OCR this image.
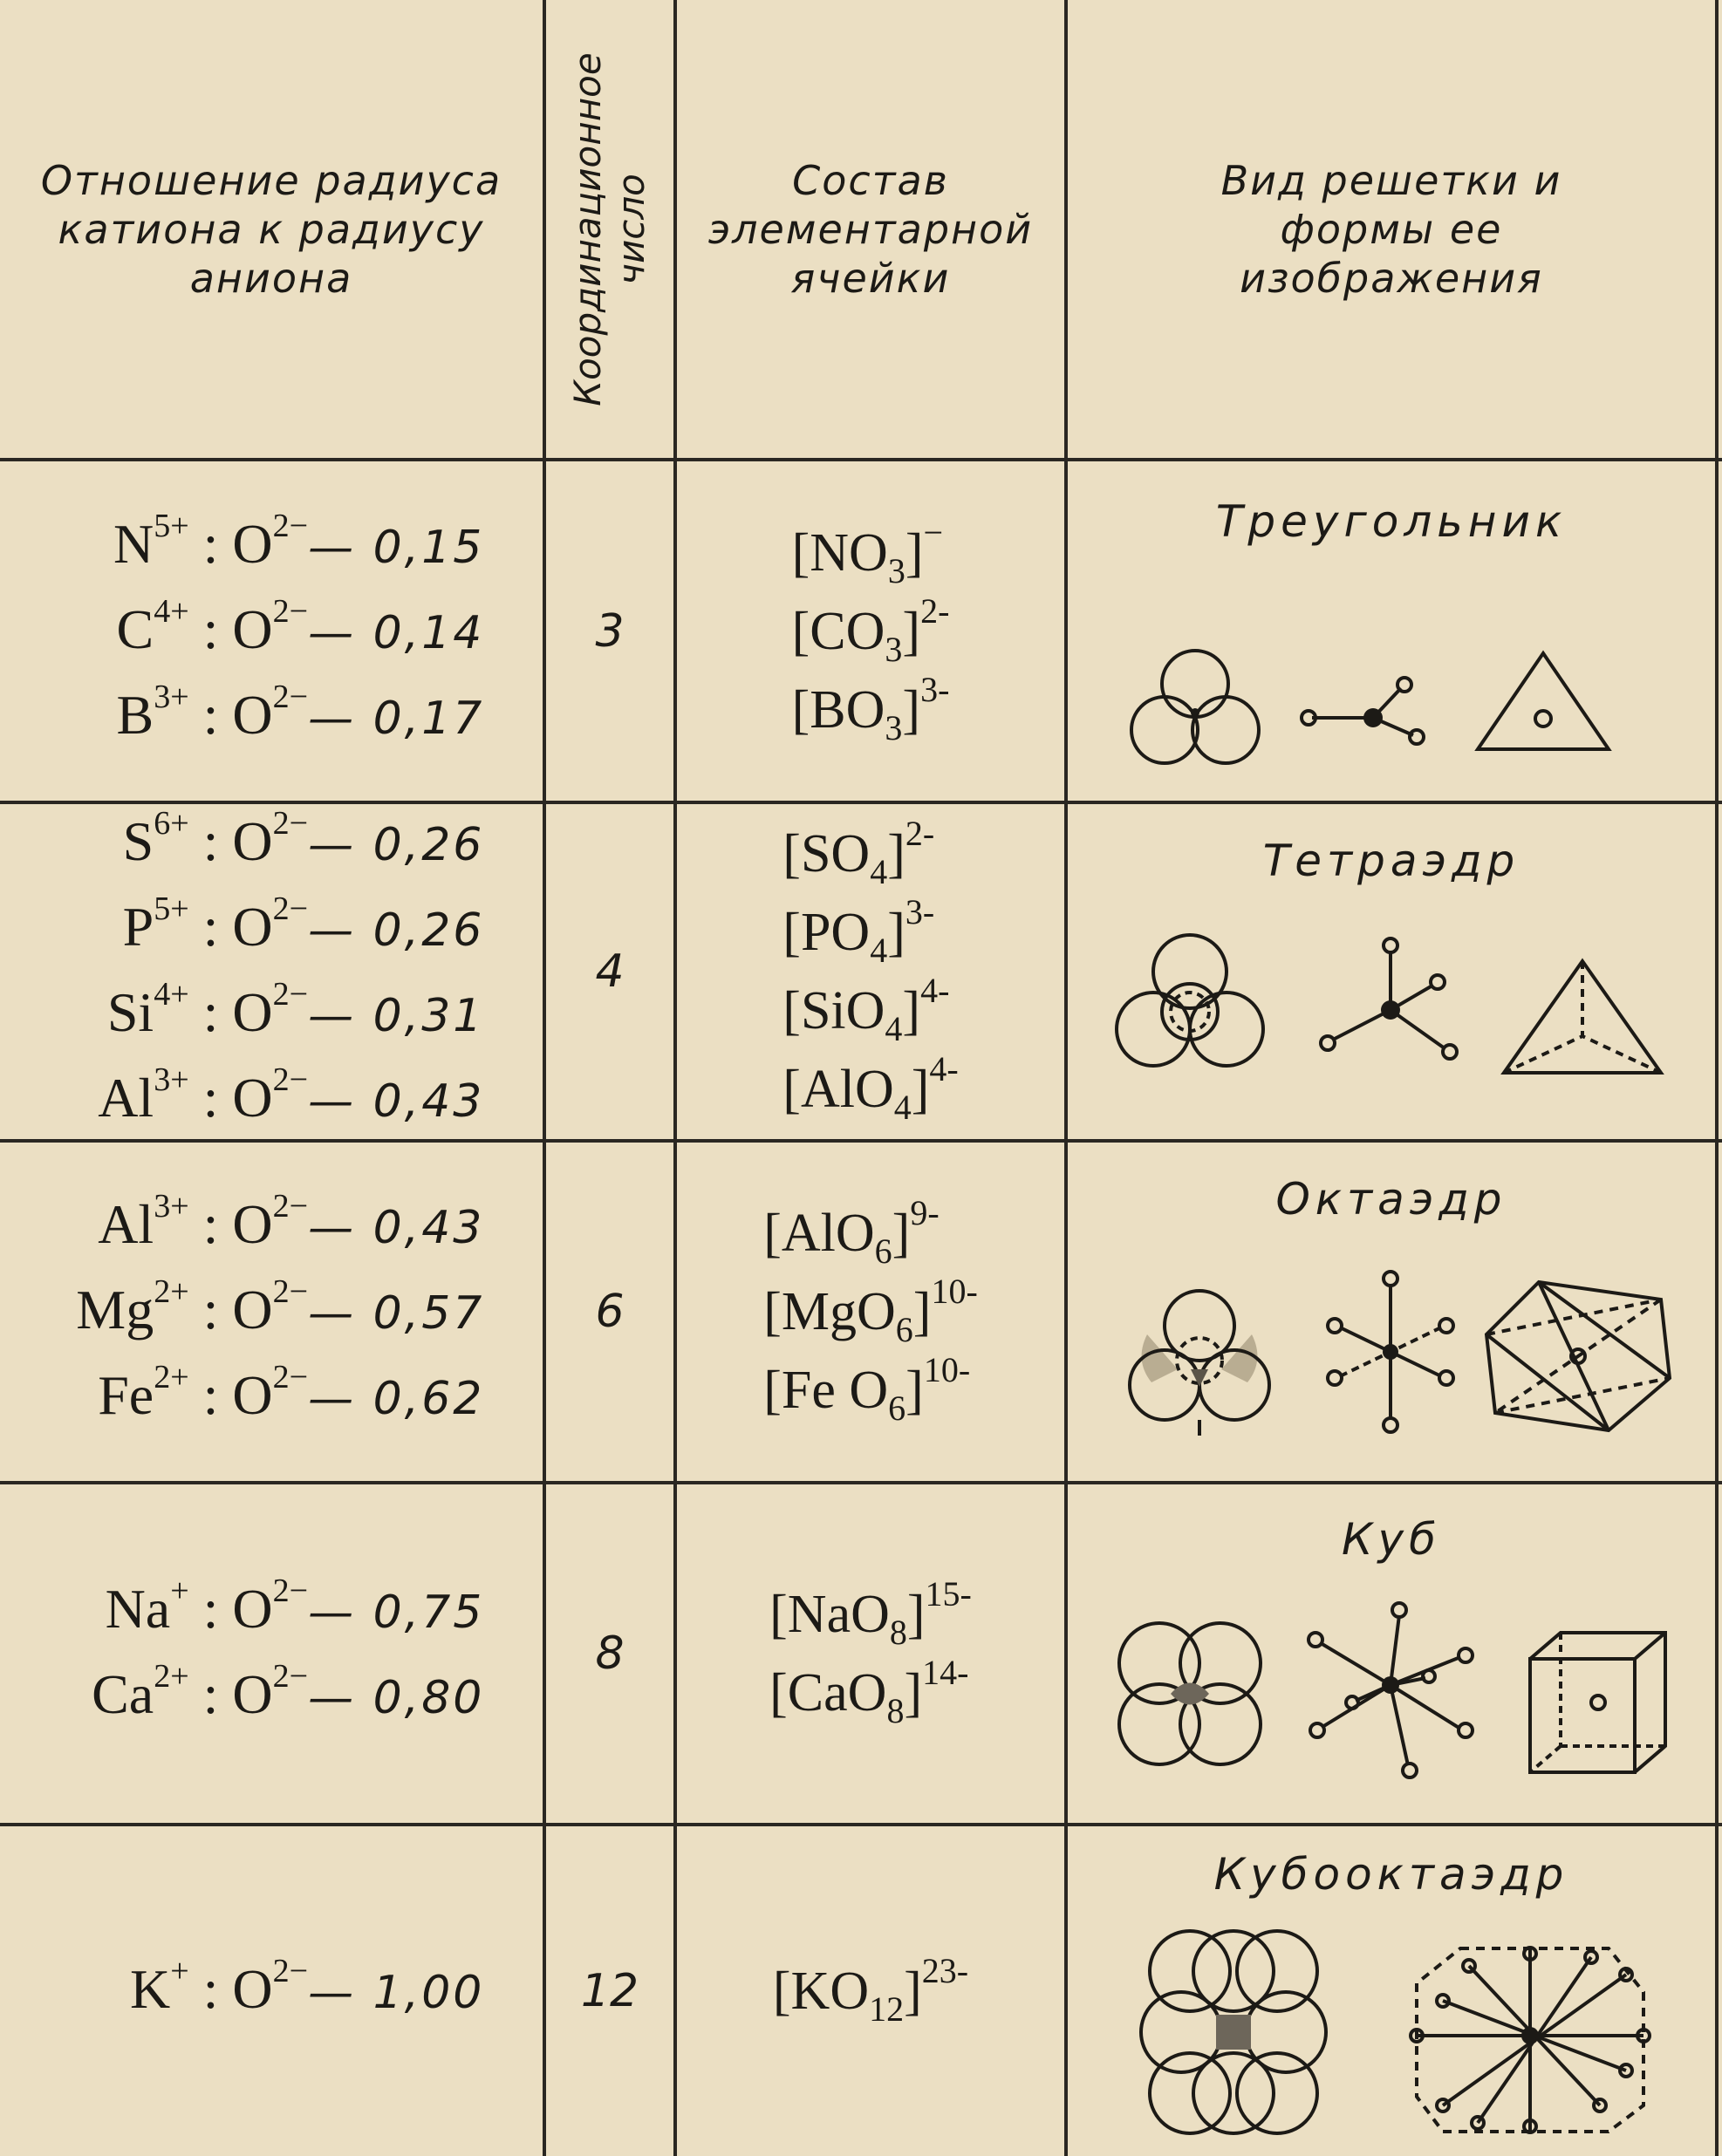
Отношение радиуса катиона к радиусу аниона	Координационное число	Состав элементарной ячейки
Вид решетки и формы ее изображения
$N^{5+}$ : $O^{2-}—$ 0,15
$C^{4+}$ : $O^{2-}—$ 0,14
$B^{3+}$ : $O^{2-}—$ 0,17
3
$[NO_3]^-$
$[CO_3]^{2-}$
$[BO_3]^{3-}$
Треугольник
$S^{6+}$ : $O^{2-}—$ 0,26
$P^{5+}$ : $O^{2-}—$ 0,26
$Si^{4+}$ : $O^{2-}—$ 0,31
$Al^{3+}$ : $O^{2-}—$ 0,43
4
$[SO_4]^{2-}$
$[PO_4]^{3-}$
$[SiO_4]^{4-}$
$[AlO_4]^{4-}$
Тетраэдр
$Al^{3+}$ : $O^{2-}—$ 0,43
$Mg^{2+}$ : $O^{2-}—$ 0,57
$Fe^{2+}$ : $O^{2-}—$ 0,62
6
$[AlO_6]^{9-}$
$[MgO_6]^{10-}$
[Fe $O_6]^{10-}$
Октаэдр
Na+ : $O^{2-}—$ 0,75
$Ca^{2+}$ : $O^{2-}—$ 0,80
8
$[NaO_8]^{15-}$
$[CaO_8]^{14-}$
Куб
K+ : $O^{2-}—$ 1,00 12 $[KO_{12}]^{23-}$
Кубооктаэдр
